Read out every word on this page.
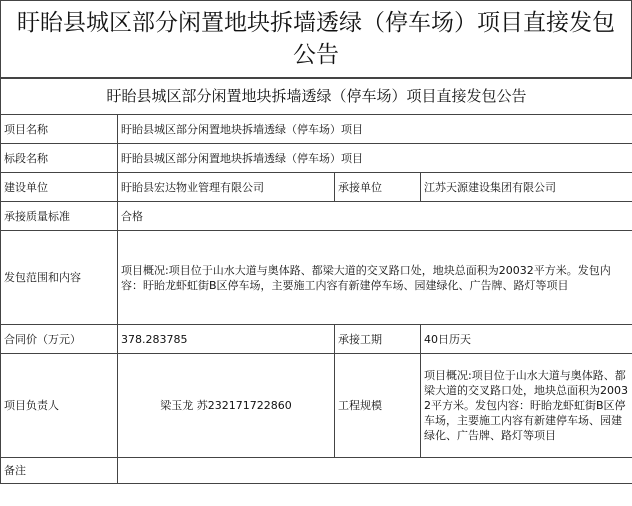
盱眙县城区部分闲置地块拆墙透绿（停车场）项目直接发包公告
盱眙县城区部分闲置地块拆墙透绿（停车场）项目直接发包公告			
项目名称	盱眙县城区部分闲置地块拆墙透绿（停车场）项目		
标段名称	盱眙县城区部分闲置地块拆墙透绿（停车场）项目		
建设单位	盱眙县宏达物业管理有限公司	承接单位	江苏天源建设集团有限公司
承接质量标准	合格		
发包范围和内容	项目概况:项目位于山水大道与奥体路、都梁大道的交叉路口处，地块总面积为20032平方米。发包内容：盱眙龙虾虹街B区停车场，主要施工内容有新建停车场、园建绿化、广告牌、路灯等项目		
合同价（万元）	378.283785	承接工期	40日历天
项目负责人	梁玉龙 苏232171722860	工程规模	项目概况:项目位于山水大道与奥体路、都梁大道的交叉路口处，地块总面积为20032平方米。发包内容：盱眙龙虾虹街B区停车场，主要施工内容有新建停车场、园建绿化、广告牌、路灯等项目
备注			
